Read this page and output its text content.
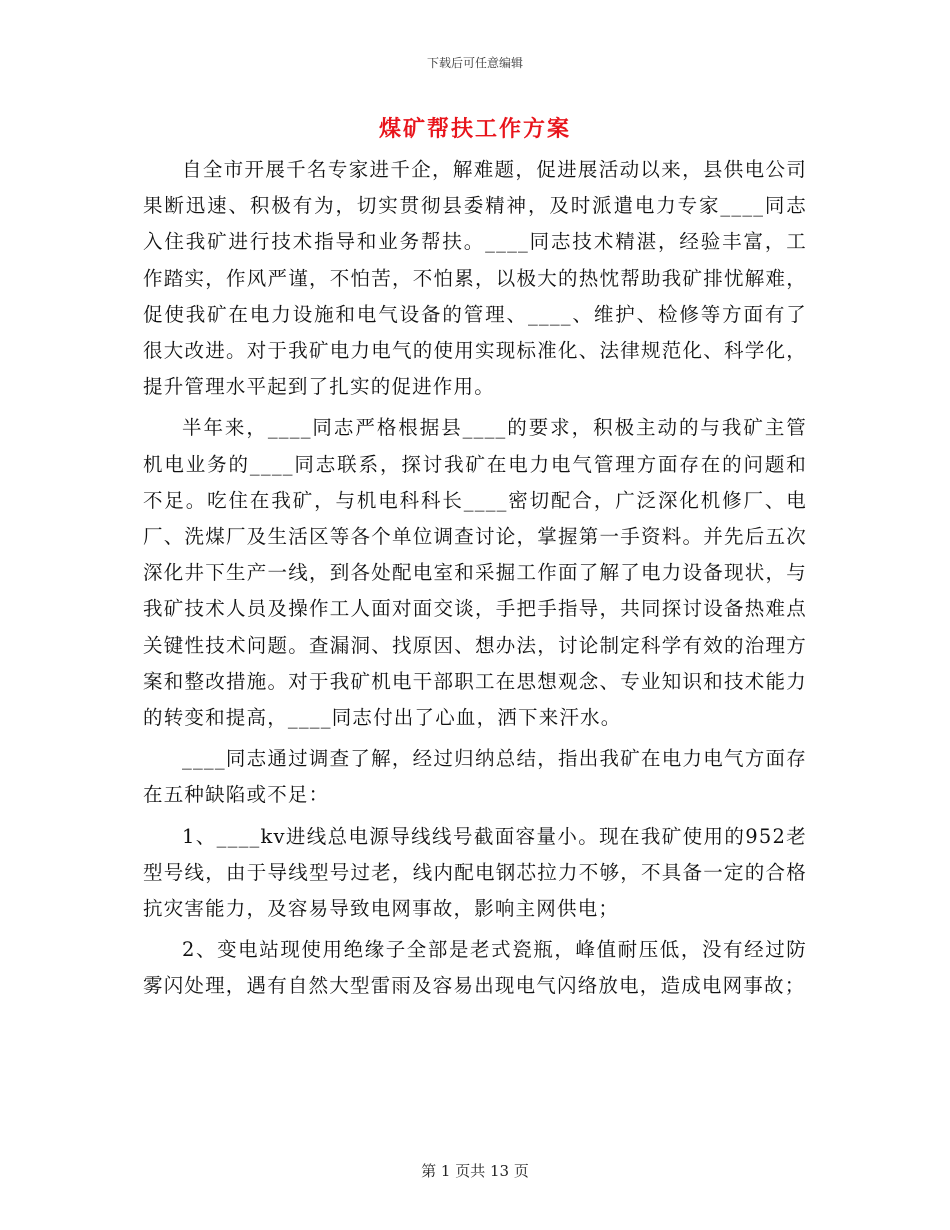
下载后可任意编辑
煤矿帮扶工作方案

自全市开展千名专家进千企，解难题，促进展活动以来，县供电公司果断迅速、积极有为，切实贯彻县委精神，及时派遣电力专家____同志入住我矿进行技术指导和业务帮扶。____同志技术精湛，经验丰富，工作踏实，作风严谨，不怕苦，不怕累，以极大的热忱帮助我矿排忧解难，促使我矿在电力设施和电气设备的管理、____、维护、检修等方面有了很大改进。对于我矿电力电气的使用实现标准化、法律规范化、科学化，提升管理水平起到了扎实的促进作用。

半年来，____同志严格根据县____的要求，积极主动的与我矿主管机电业务的____同志联系，探讨我矿在电力电气管理方面存在的问题和不足。吃住在我矿，与机电科科长____密切配合，广泛深化机修厂、电厂、洗煤厂及生活区等各个单位调查讨论，掌握第一手资料。并先后五次深化井下生产一线，到各处配电室和采掘工作面了解了电力设备现状，与我矿技术人员及操作工人面对面交谈，手把手指导，共同探讨设备热难点关键性技术问题。查漏洞、找原因、想办法，讨论制定科学有效的治理方案和整改措施。对于我矿机电干部职工在思想观念、专业知识和技术能力的转变和提高，____同志付出了心血，洒下来汗水。

____同志通过调查了解，经过归纳总结，指出我矿在电力电气方面存在五种缺陷或不足：

1、____kv进线总电源导线线号截面容量小。现在我矿使用的952老型号线，由于导线型号过老，线内配电钢芯拉力不够，不具备一定的合格抗灾害能力，及容易导致电网事故，影响主网供电；

2、变电站现使用绝缘子全部是老式瓷瓶，峰值耐压低，没有经过防雾闪处理，遇有自然大型雷雨及容易出现电气闪络放电，造成电网事故；

第 1 页共 13 页
